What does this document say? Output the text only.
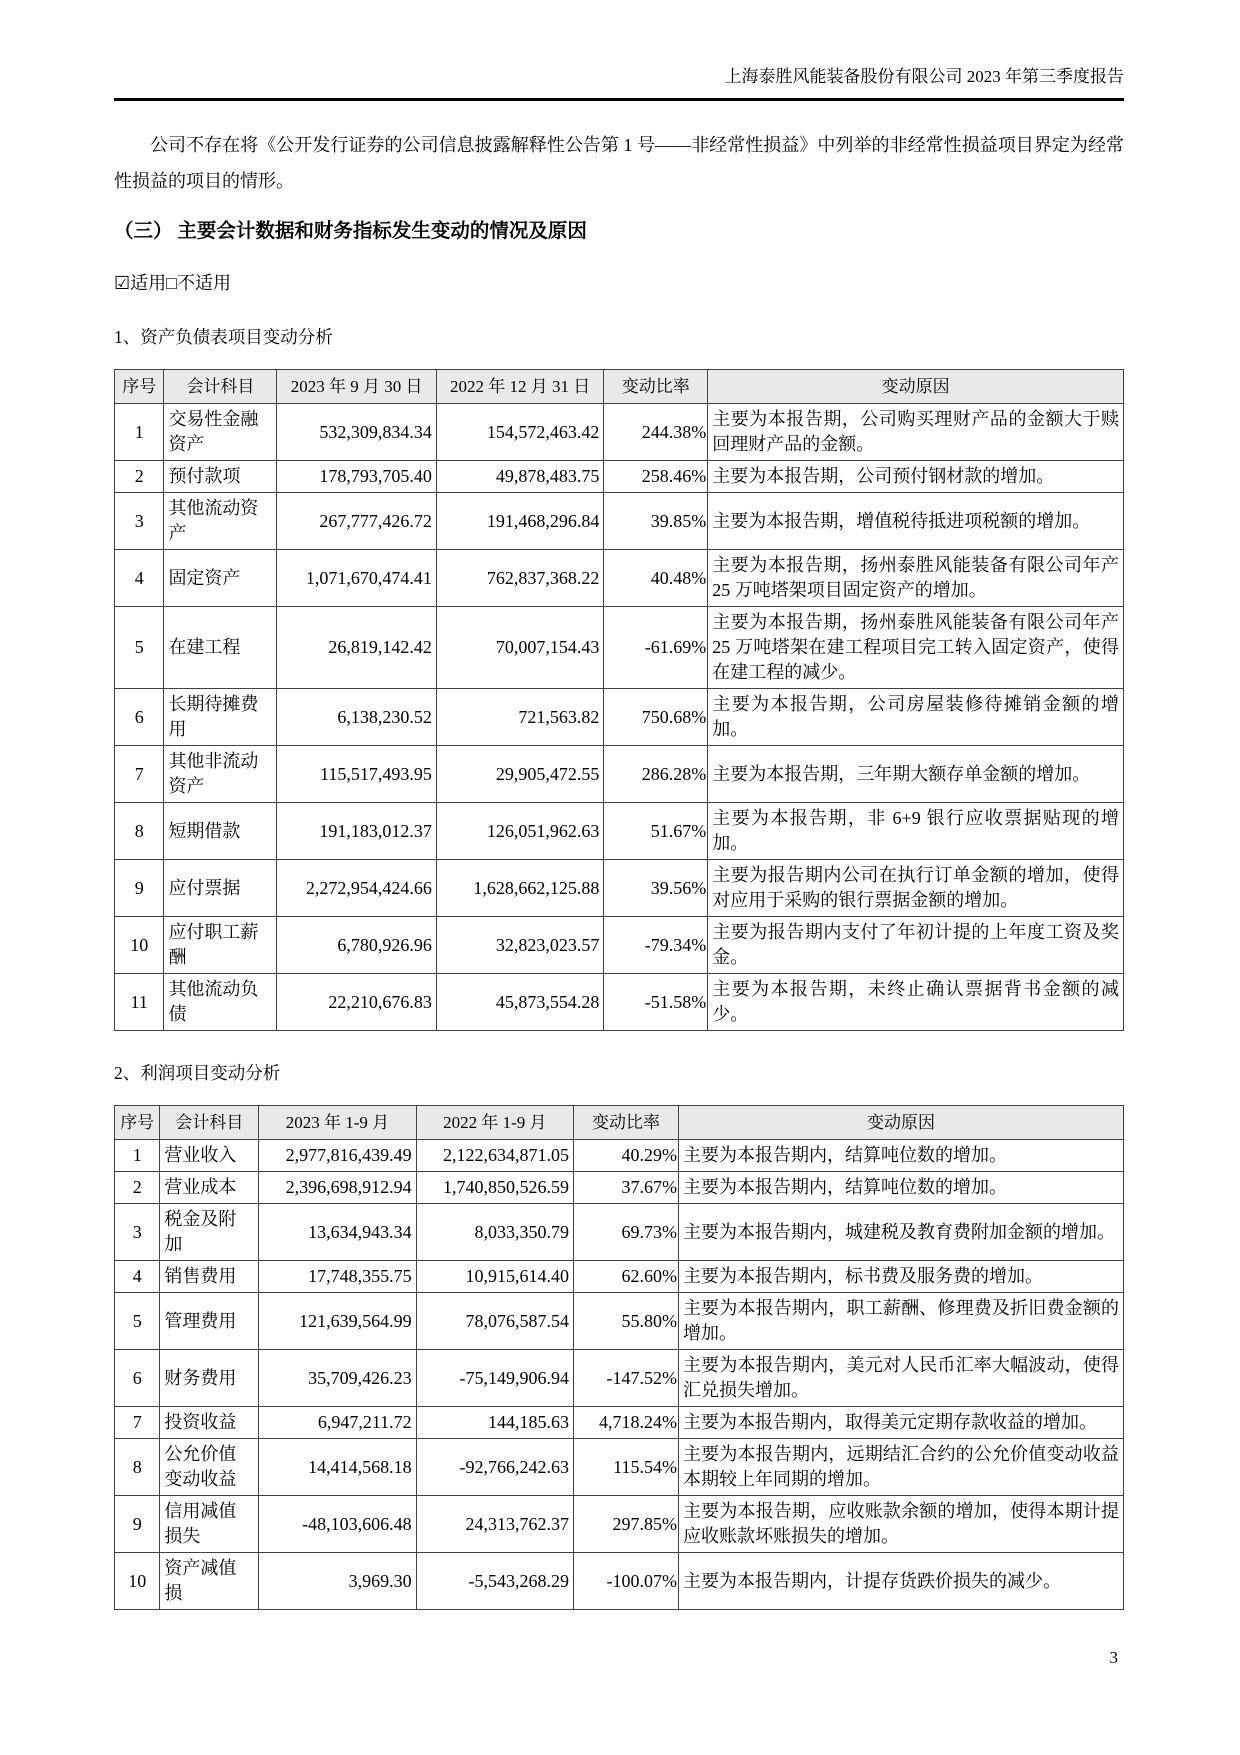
上海泰胜风能装备股份有限公司 2023 年第三季度报告

公司不存在将《公开发行证券的公司信息披露解释性公告第 1 号——非经常性损益》中列举的非经常性损益项目界定为经常性损益的项目的情形。

（三） 主要会计数据和财务指标发生变动的情况及原因

☑适用□不适用

1、资产负债表项目变动分析

序号	会计科目	2023 年 9 月 30 日	2022 年 12 月 31 日	变动比率	变动原因
1	交易性金融资产	532,309,834.34	154,572,463.42	244.38%	主要为本报告期，公司购买理财产品的金额大于赎回理财产品的金额。
2	预付款项	178,793,705.40	49,878,483.75	258.46%	主要为本报告期，公司预付钢材款的增加。
3	其他流动资产	267,777,426.72	191,468,296.84	39.85%	主要为本报告期，增值税待抵进项税额的增加。
4	固定资产	1,071,670,474.41	762,837,368.22	40.48%	主要为本报告期，扬州泰胜风能装备有限公司年产 25 万吨塔架项目固定资产的增加。
5	在建工程	26,819,142.42	70,007,154.43	-61.69%	主要为本报告期，扬州泰胜风能装备有限公司年产 25 万吨塔架在建工程项目完工转入固定资产，使得在建工程的减少。
6	长期待摊费用	6,138,230.52	721,563.82	750.68%	主要为本报告期，公司房屋装修待摊销金额的增加。
7	其他非流动资产	115,517,493.95	29,905,472.55	286.28%	主要为本报告期，三年期大额存单金额的增加。
8	短期借款	191,183,012.37	126,051,962.63	51.67%	主要为本报告期，非 6+9 银行应收票据贴现的增加。
9	应付票据	2,272,954,424.66	1,628,662,125.88	39.56%	主要为报告期内公司在执行订单金额的增加，使得对应用于采购的银行票据金额的增加。
10	应付职工薪酬	6,780,926.96	32,823,023.57	-79.34%	主要为报告期内支付了年初计提的上年度工资及奖金。
11	其他流动负债	22,210,676.83	45,873,554.28	-51.58%	主要为本报告期，未终止确认票据背书金额的减少。

2、利润项目变动分析

序号	会计科目	2023 年 1-9 月	2022 年 1-9 月	变动比率	变动原因
1	营业收入	2,977,816,439.49	2,122,634,871.05	40.29%	主要为本报告期内，结算吨位数的增加。
2	营业成本	2,396,698,912.94	1,740,850,526.59	37.67%	主要为本报告期内，结算吨位数的增加。
3	税金及附加	13,634,943.34	8,033,350.79	69.73%	主要为本报告期内，城建税及教育费附加金额的增加。
4	销售费用	17,748,355.75	10,915,614.40	62.60%	主要为本报告期内，标书费及服务费的增加。
5	管理费用	121,639,564.99	78,076,587.54	55.80%	主要为本报告期内，职工薪酬、修理费及折旧费金额的增加。
6	财务费用	35,709,426.23	-75,149,906.94	-147.52%	主要为本报告期内，美元对人民币汇率大幅波动，使得汇兑损失增加。
7	投资收益	6,947,211.72	144,185.63	4,718.24%	主要为本报告期内，取得美元定期存款收益的增加。
8	公允价值变动收益	14,414,568.18	-92,766,242.63	115.54%	主要为本报告期内，远期结汇合约的公允价值变动收益本期较上年同期的增加。
9	信用减值损失	-48,103,606.48	24,313,762.37	297.85%	主要为本报告期，应收账款余额的增加，使得本期计提应收账款坏账损失的增加。
10	资产减值损	3,969.30	-5,543,268.29	-100.07%	主要为本报告期内，计提存货跌价损失的减少。
3
